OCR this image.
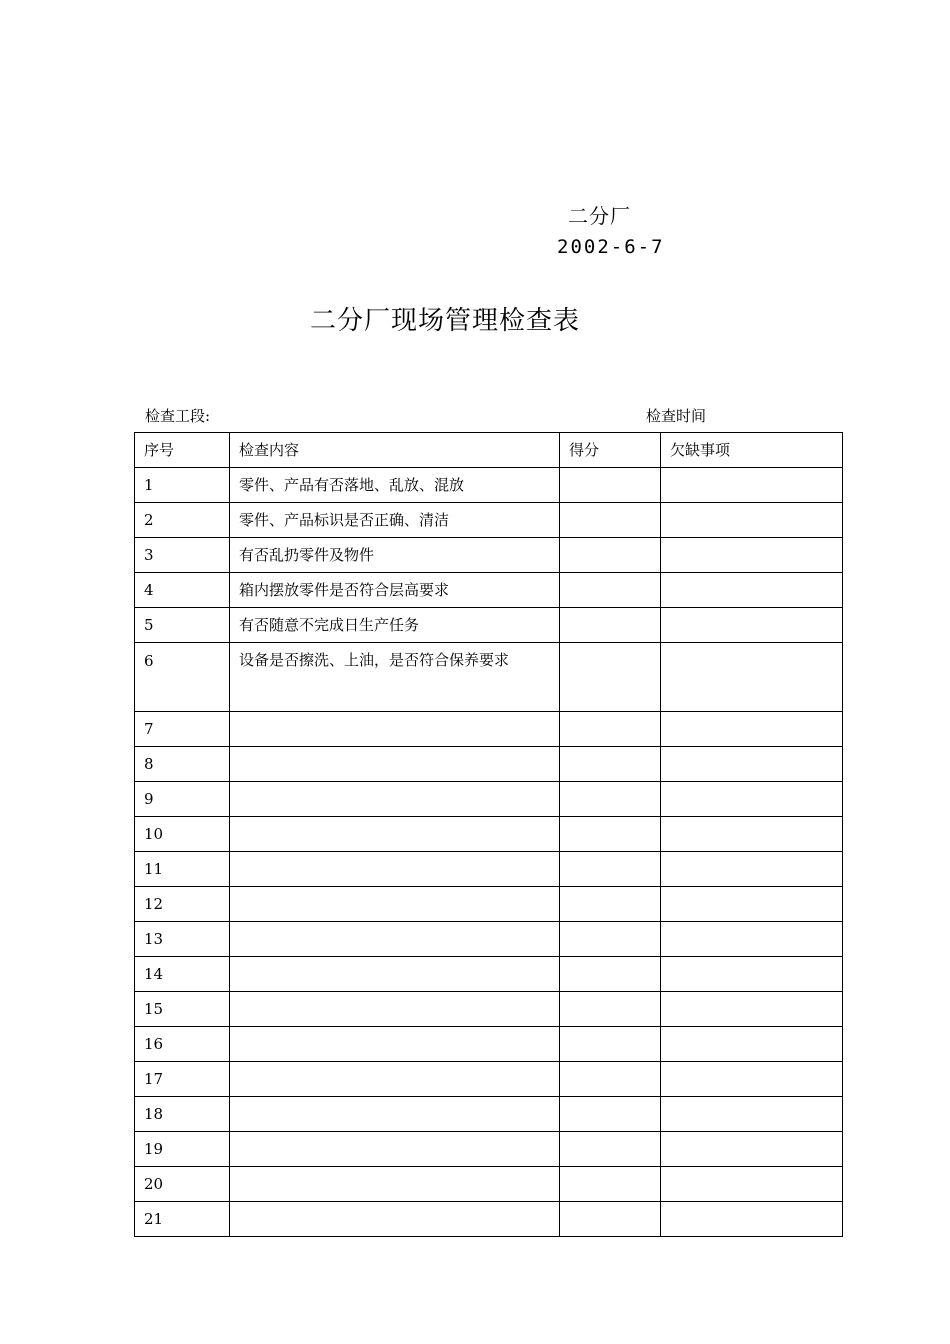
二分厂
2002-6-7
二分厂现场管理检查表
检查工段:	检查时间
序号	检查内容	得分	欠缺事项
1	零件、产品有否落地、乱放、混放		
2	零件、产品标识是否正确、清洁		
3	有否乱扔零件及物件		
4	箱内摆放零件是否符合层高要求		
5	有否随意不完成日生产任务		
6	设备是否擦洗、上油，是否符合保养要求		
7			
8			
9			
10			
11			
12			
13			
14			
15			
16			
17			
18			
19			
20			
21			
